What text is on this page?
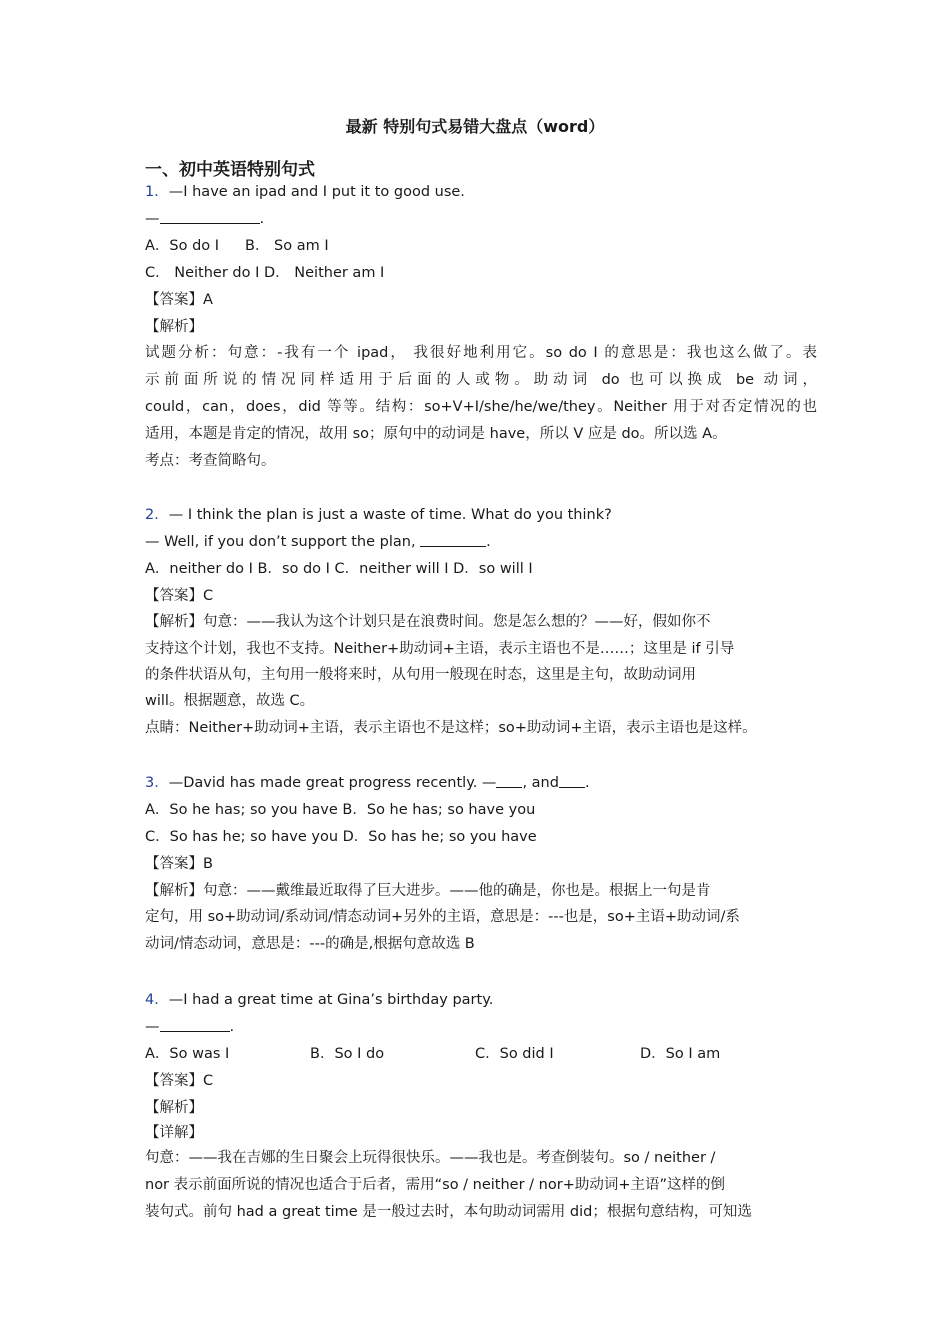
最新 特别句式易错大盘点（word）
一、初中英语特别句式
1．—I have an ipad and I put it to good use.
—	.
A．So do I B． So am I
C． Neither do I D． Neither am I
【答案】A
【解析】
试题分析：句意：-我有一个 ipad， 我很好地利用它。so do I 的意思是：我也这么做了。表
示前面所说的情况同样适用于后面的人或物。助动词 do 也可以换成 be 动词，
could，can，does，did 等等。结构：so+V+I/she/he/we/they。Neither 用于对否定情况的也
适用，本题是肯定的情况，故用 so；原句中的动词是 have，所以 V 应是 do。所以选 A。
考点：考查简略句。
2．— I think the plan is just a waste of time. What do you think?
— Well, if you don’t support the plan,	.
A．neither do I B．so do I C．neither will I D．so will I
【答案】C
【解析】句意：——我认为这个计划只是在浪费时间。您是怎么想的？——好，假如你不
支持这个计划，我也不支持。Neither+助动词+主语，表示主语也不是……；这里是 if 引导
的条件状语从句，主句用一般将来时，从句用一般现在时态，这里是主句，故助动词用
will。根据题意，故选 C。
点睛：Neither+助动词+主语，表示主语也不是这样；so+助动词+主语，表示主语也是这样。
3．—David has made great progress recently. — , and .
A．So he has; so you have B．So he has; so have you
C．So has he; so have you D．So has he; so you have
【答案】B
【解析】句意：——戴维最近取得了巨大进步。——他的确是，你也是。根据上一句是肯
定句，用 so+助动词/系动词/情态动词+另外的主语，意思是：---也是，so+主语+助动词/系
动词/情态动词，意思是：---的确是,根据句意故选 B
4．—I had a great time at Gina’s birthday party.
—	.
A．So was I	B．So I do	C．So did I	D．So I am
【答案】C
【解析】
【详解】
句意：——我在吉娜的生日聚会上玩得很快乐。——我也是。考查倒装句。so / neither /
nor 表示前面所说的情况也适合于后者，需用“so / neither / nor+助动词+主语”这样的倒
装句式。前句 had a great time 是一般过去时，本句助动词需用 did；根据句意结构，可知选
